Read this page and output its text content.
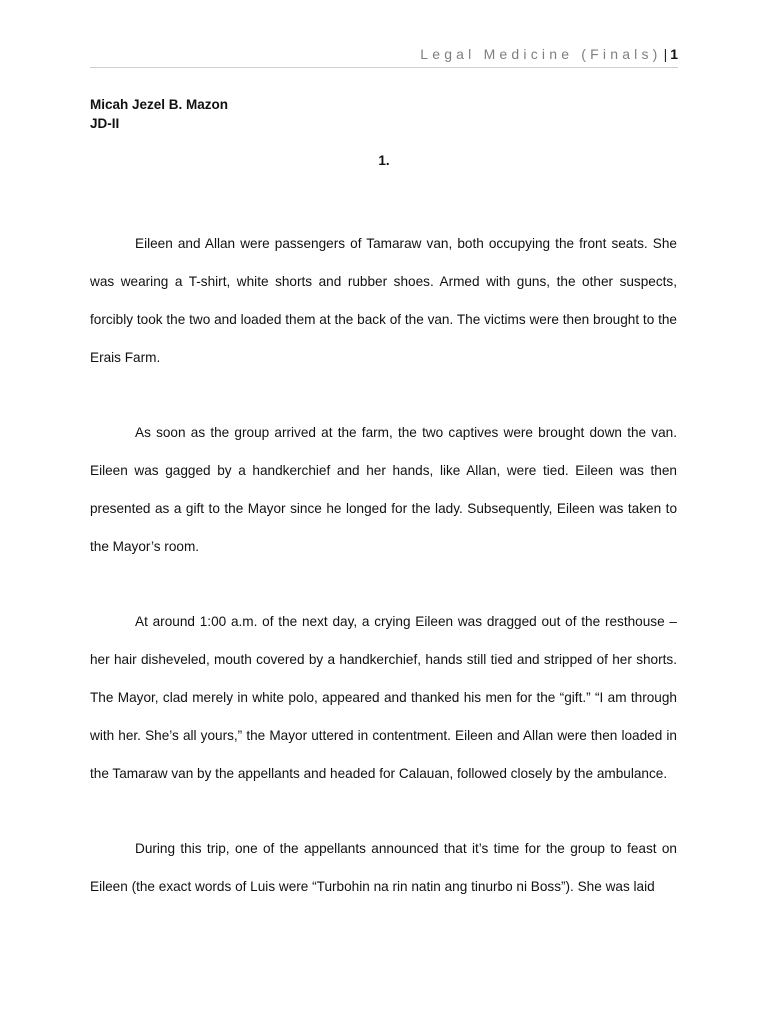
Legal Medicine (Finals) | 1
Micah Jezel B. Mazon
JD-II
1.

Eileen and Allan were passengers of Tamaraw van, both occupying the front seats. She was wearing a T-shirt, white shorts and rubber shoes. Armed with guns, the other suspects, forcibly took the two and loaded them at the back of the van. The victims were then brought to the Erais Farm.

As soon as the group arrived at the farm, the two captives were brought down the van. Eileen was gagged by a handkerchief and her hands, like Allan, were tied. Eileen was then presented as a gift to the Mayor since he longed for the lady. Subsequently, Eileen was taken to the Mayor’s room.

At around 1:00 a.m. of the next day, a crying Eileen was dragged out of the resthouse – her hair disheveled, mouth covered by a handkerchief, hands still tied and stripped of her shorts. The Mayor, clad merely in white polo, appeared and thanked his men for the “gift.” “I am through with her. She’s all yours,” the Mayor uttered in contentment. Eileen and Allan were then loaded in the Tamaraw van by the appellants and headed for Calauan, followed closely by the ambulance.

During this trip, one of the appellants announced that it’s time for the group to feast on Eileen (the exact words of Luis were “Turbohin na rin natin ang tinurbo ni Boss”). She was laid
